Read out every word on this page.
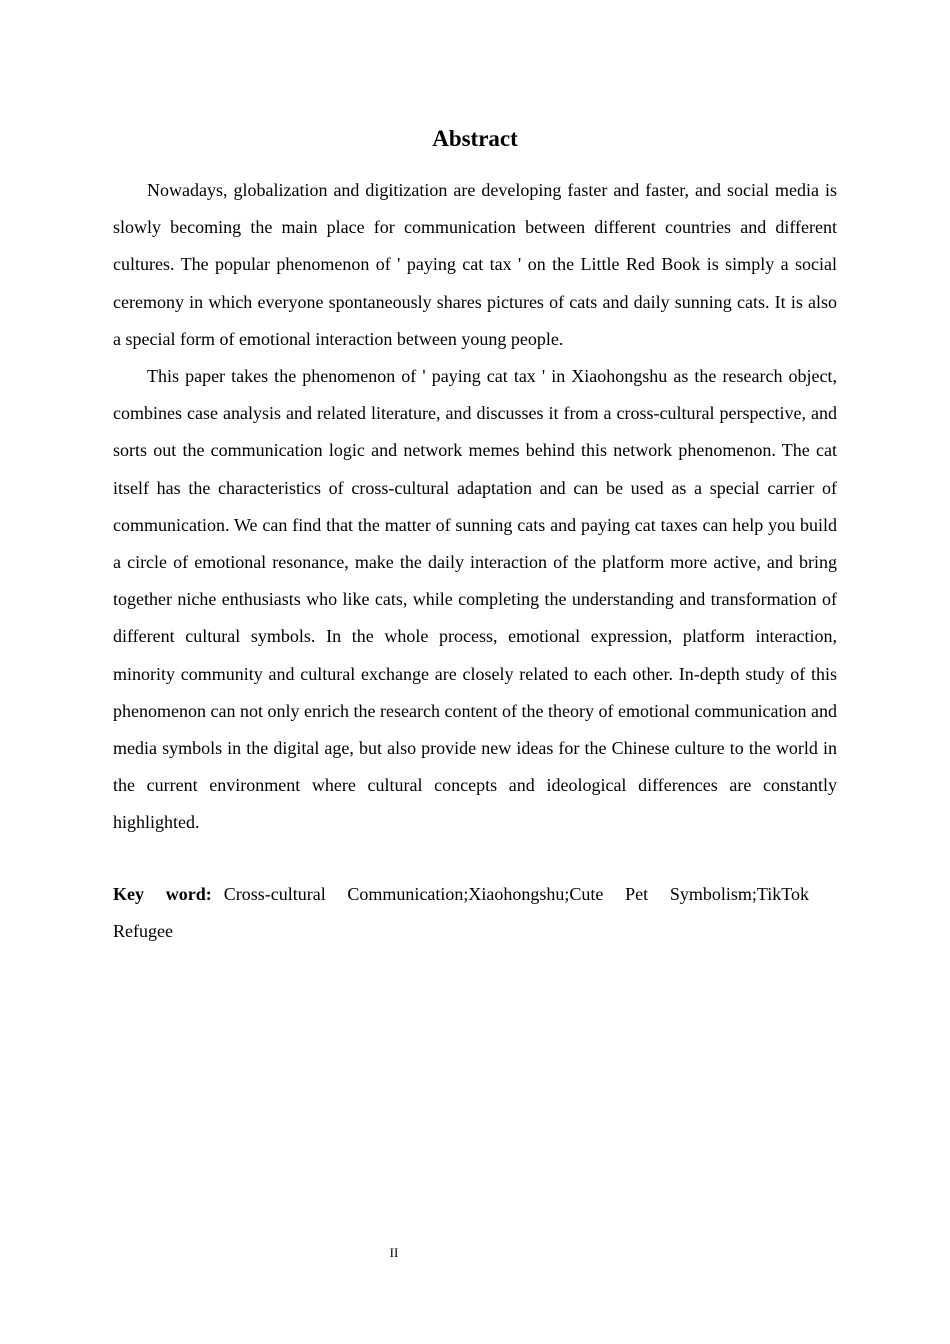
Abstract

Nowadays, globalization and digitization are developing faster and faster, and social media is slowly becoming the main place for communication between different countries and different cultures. The popular phenomenon of ' paying cat tax ' on the Little Red Book is simply a social ceremony in which everyone spontaneously shares pictures of cats and daily sunning cats. It is also a special form of emotional interaction between young people.

This paper takes the phenomenon of ' paying cat tax ' in Xiaohongshu as the research object, combines case analysis and related literature, and discusses it from a cross-cultural perspective, and sorts out the communication logic and network memes behind this network phenomenon. The cat itself has the characteristics of cross-cultural adaptation and can be used as a special carrier of communication. We can find that the matter of sunning cats and paying cat taxes can help you build a circle of emotional resonance, make the daily interaction of the platform more active, and bring together niche enthusiasts who like cats, while completing the understanding and transformation of different cultural symbols. In the whole process, emotional expression, platform interaction, minority community and cultural exchange are closely related to each other. In-depth study of this phenomenon can not only enrich the research content of the theory of emotional communication and media symbols in the digital age, but also provide new ideas for the Chinese culture to the world in the current environment where cultural concepts and ideological differences are constantly highlighted.

Key word: Cross-cultural Communication;Xiaohongshu;Cute Pet Symbolism;TikTok Refugee

II
